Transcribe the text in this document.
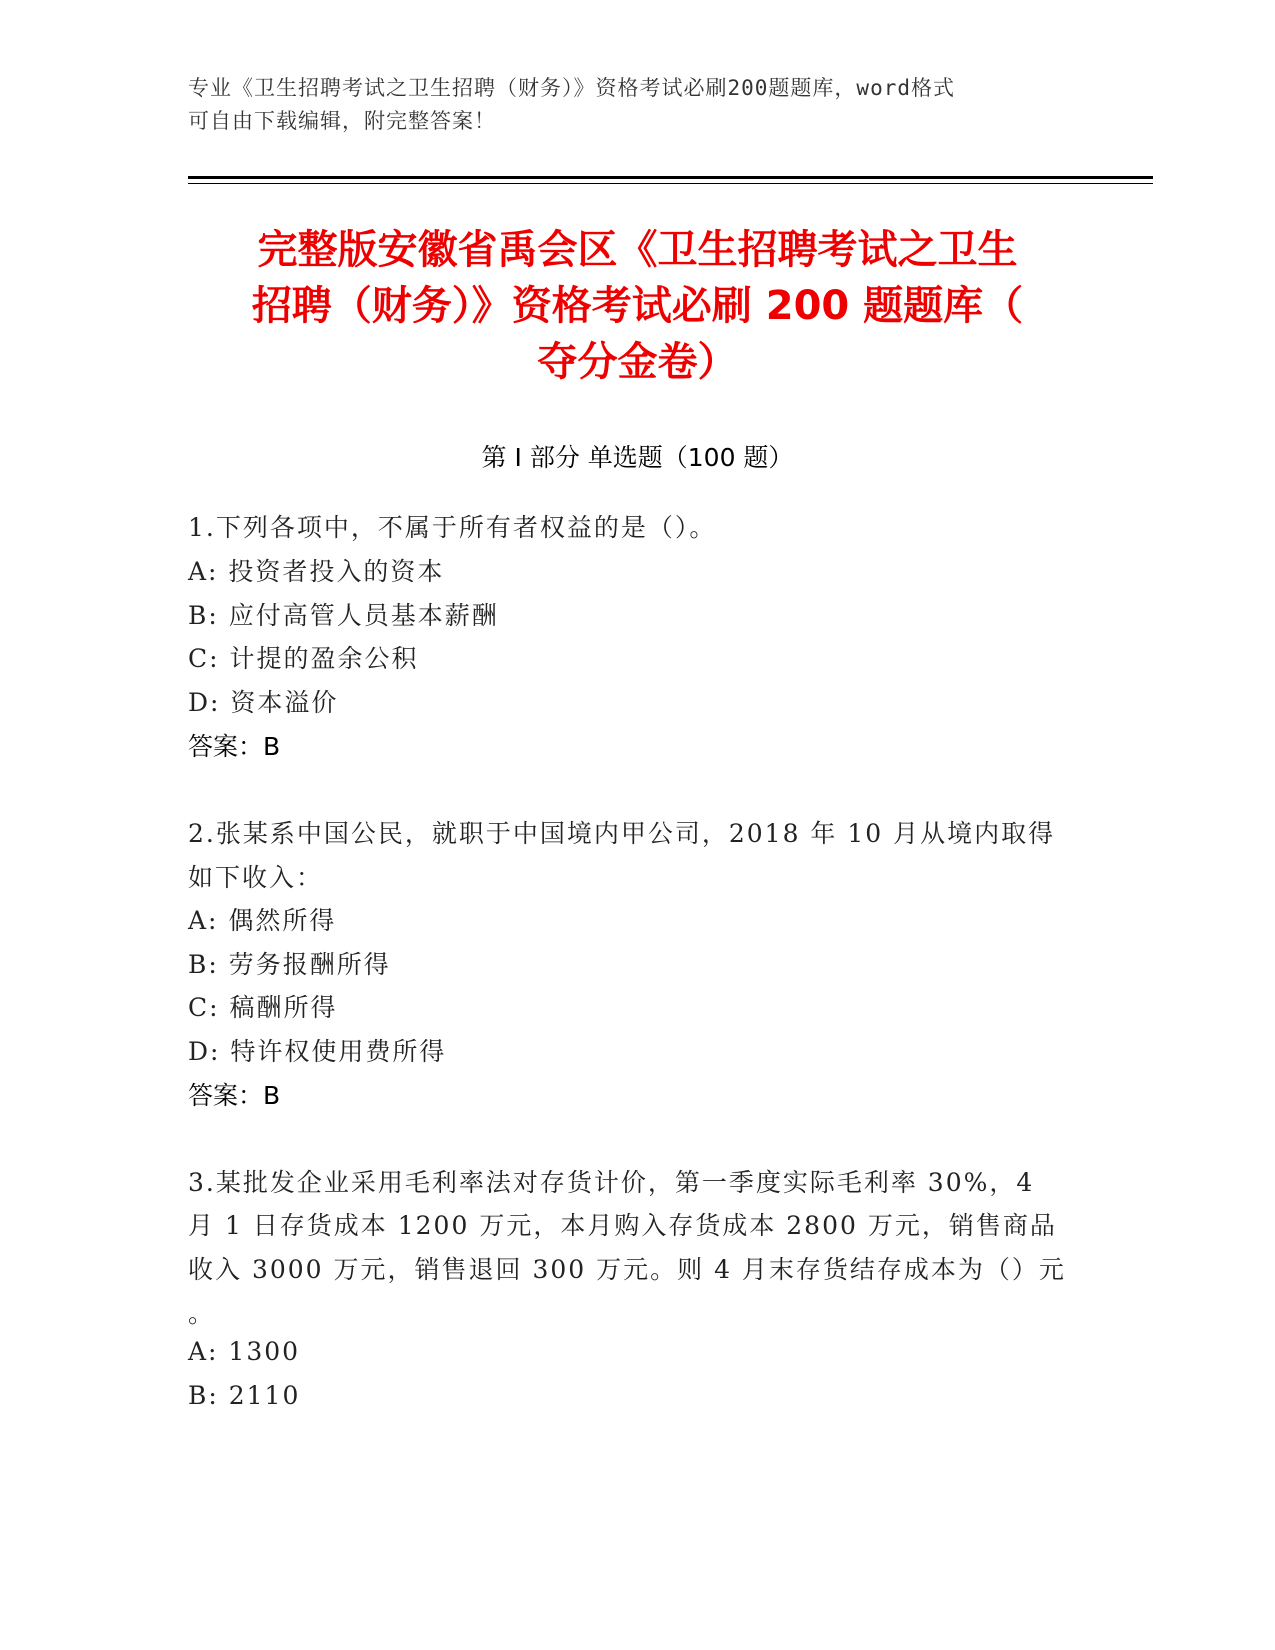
专业《卫生招聘考试之卫生招聘（财务）》资格考试必刷200题题库，word格式
可自由下载编辑，附完整答案！
完整版安徽省禹会区《卫生招聘考试之卫生
招聘（财务）》资格考试必刷 200 题题库（
夺分金卷）
第 I 部分 单选题（100 题）
1.下列各项中，不属于所有者权益的是（）。
A: 投资者投入的资本
B: 应付高管人员基本薪酬
C: 计提的盈余公积
D: 资本溢价
答案：B
2.张某系中国公民，就职于中国境内甲公司，2018 年 10 月从境内取得
如下收入：
A: 偶然所得
B: 劳务报酬所得
C: 稿酬所得
D: 特许权使用费所得
答案：B
3.某批发企业采用毛利率法对存货计价，第一季度实际毛利率 30%，4
月 1 日存货成本 1200 万元，本月购入存货成本 2800 万元，销售商品
收入 3000 万元，销售退回 300 万元。则 4 月末存货结存成本为（）元
。
A: 1300
B: 2110
